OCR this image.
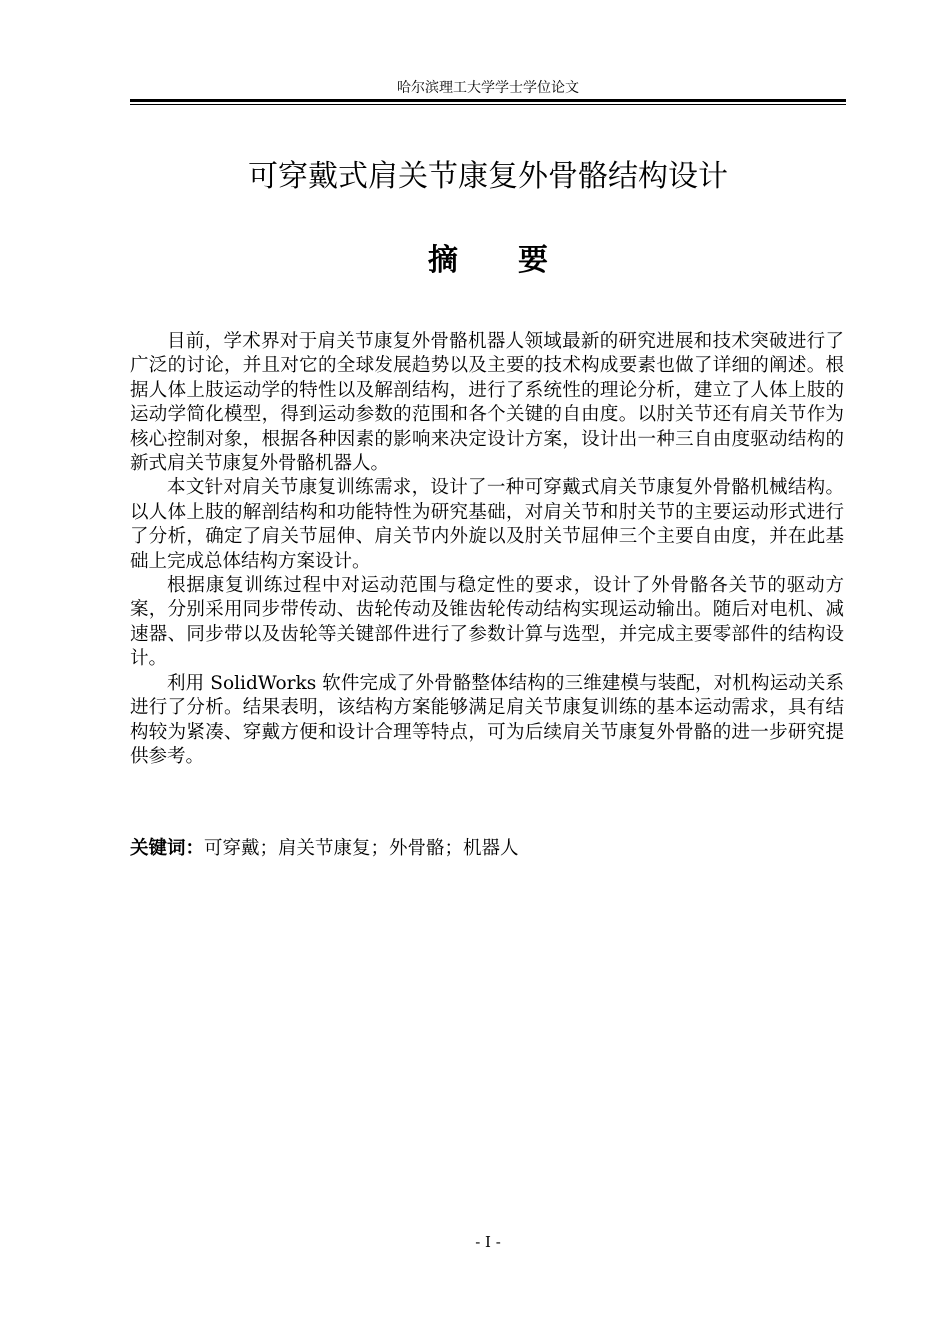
哈尔滨理工大学学士学位论文
可穿戴式肩关节康复外骨骼结构设计
摘要

目前，学术界对于肩关节康复外骨骼机器人领域最新的研究进展和技术突破进行了广泛的讨论，并且对它的全球发展趋势以及主要的技术构成要素也做了详细的阐述。根据人体上肢运动学的特性以及解剖结构，进行了系统性的理论分析，建立了人体上肢的运动学简化模型，得到运动参数的范围和各个关键的自由度。以肘关节还有肩关节作为核心控制对象，根据各种因素的影响来决定设计方案，设计出一种三自由度驱动结构的新式肩关节康复外骨骼机器人。

本文针对肩关节康复训练需求，设计了一种可穿戴式肩关节康复外骨骼机械结构。以人体上肢的解剖结构和功能特性为研究基础，对肩关节和肘关节的主要运动形式进行了分析，确定了肩关节屈伸、肩关节内外旋以及肘关节屈伸三个主要自由度，并在此基础上完成总体结构方案设计。

根据康复训练过程中对运动范围与稳定性的要求，设计了外骨骼各关节的驱动方案，分别采用同步带传动、齿轮传动及锥齿轮传动结构实现运动输出。随后对电机、减速器、同步带以及齿轮等关键部件进行了参数计算与选型，并完成主要零部件的结构设计。

利用 SolidWorks 软件完成了外骨骼整体结构的三维建模与装配，对机构运动关系进行了分析。结果表明，该结构方案能够满足肩关节康复训练的基本运动需求，具有结构较为紧凑、穿戴方便和设计合理等特点，可为后续肩关节康复外骨骼的进一步研究提供参考。

关键词：可穿戴；肩关节康复；外骨骼；机器人
- I -
